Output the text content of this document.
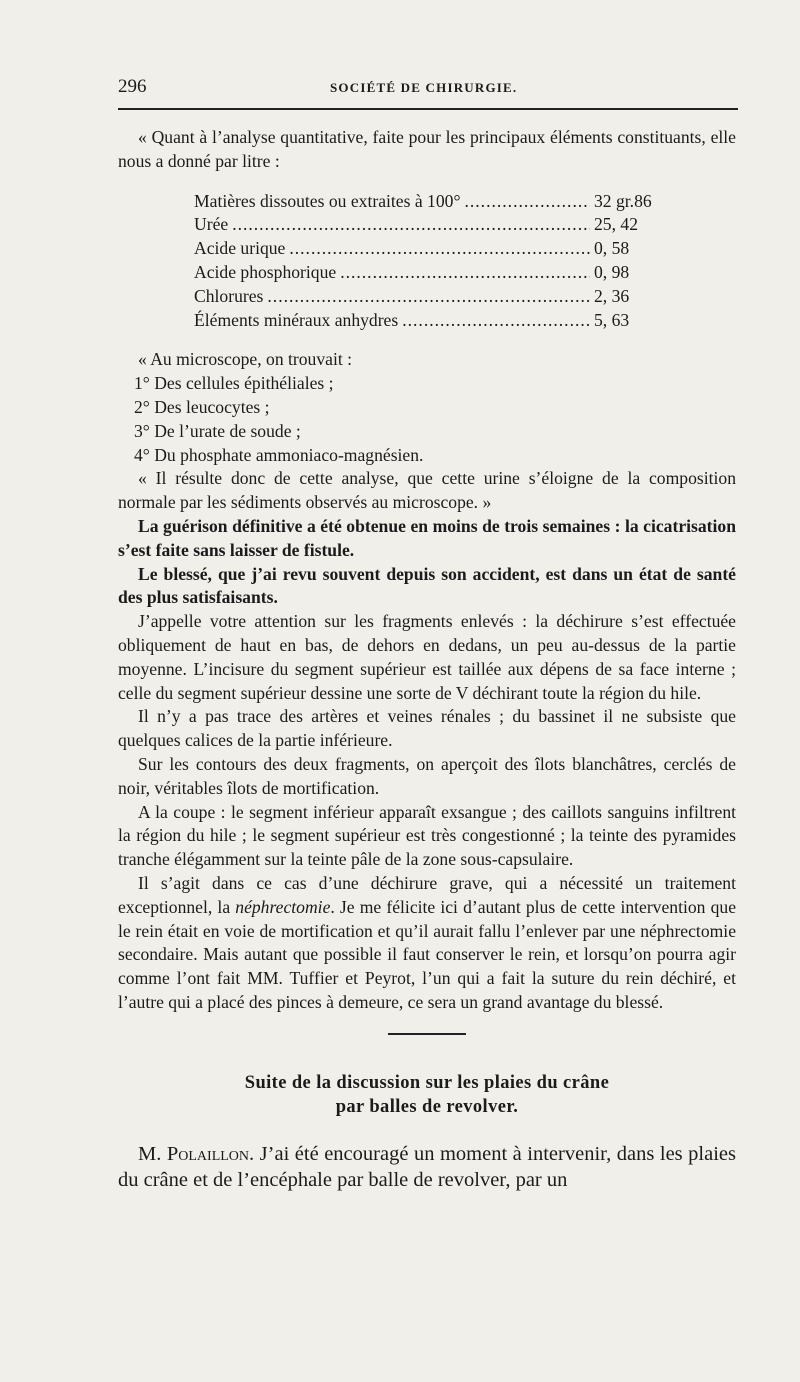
296	SOCIÉTÉ DE CHIRURGIE.

« Quant à l’analyse quantitative, faite pour les principaux éléments constituants, elle nous a donné par litre :

Matières dissoutes ou extraites à 100° .....	32 gr.86
Urée .....	25, 42
Acide urique .....	0, 58
Acide phosphorique .....	0, 98
Chlorures .....	2, 36
Éléments minéraux anhydres .....	5, 63

« Au microscope, on trouvait :

1° Des cellules épithéliales ;
2° Des leucocytes ;
3° De l’urate de soude ;
4° Du phosphate ammoniaco-magnésien.

« Il résulte donc de cette analyse, que cette urine s’éloigne de la composition normale par les sédiments observés au microscope. »

La guérison définitive a été obtenue en moins de trois semaines : la cicatrisation s’est faite sans laisser de fistule.

Le blessé, que j’ai revu souvent depuis son accident, est dans un état de santé des plus satisfaisants.

J’appelle votre attention sur les fragments enlevés : la déchirure s’est effectuée obliquement de haut en bas, de dehors en dedans, un peu au-dessus de la partie moyenne. L’incisure du segment supérieur est taillée aux dépens de sa face interne ; celle du segment supérieur dessine une sorte de V déchirant toute la région du hile.

Il n’y a pas trace des artères et veines rénales ; du bassinet il ne subsiste que quelques calices de la partie inférieure.

Sur les contours des deux fragments, on aperçoit des îlots blanchâtres, cerclés de noir, véritables îlots de mortification.

A la coupe : le segment inférieur apparaît exsangue ; des caillots sanguins infiltrent la région du hile ; le segment supérieur est très congestionné ; la teinte des pyramides tranche élégamment sur la teinte pâle de la zone sous-capsulaire.

Il s’agit dans ce cas d’une déchirure grave, qui a nécessité un traitement exceptionnel, la néphrectomie. Je me félicite ici d’autant plus de cette intervention que le rein était en voie de mortification et qu’il aurait fallu l’enlever par une néphrectomie secondaire. Mais autant que possible il faut conserver le rein, et lorsqu’on pourra agir comme l’ont fait MM. Tuffier et Peyrot, l’un qui a fait la suture du rein déchiré, et l’autre qui a placé des pinces à demeure, ce sera un grand avantage du blessé.

Suite de la discussion sur les plaies du crâne
par balles de revolver.

M. Polaillon. J’ai été encouragé un moment à intervenir, dans les plaies du crâne et de l’encéphale par balle de revolver, par un
